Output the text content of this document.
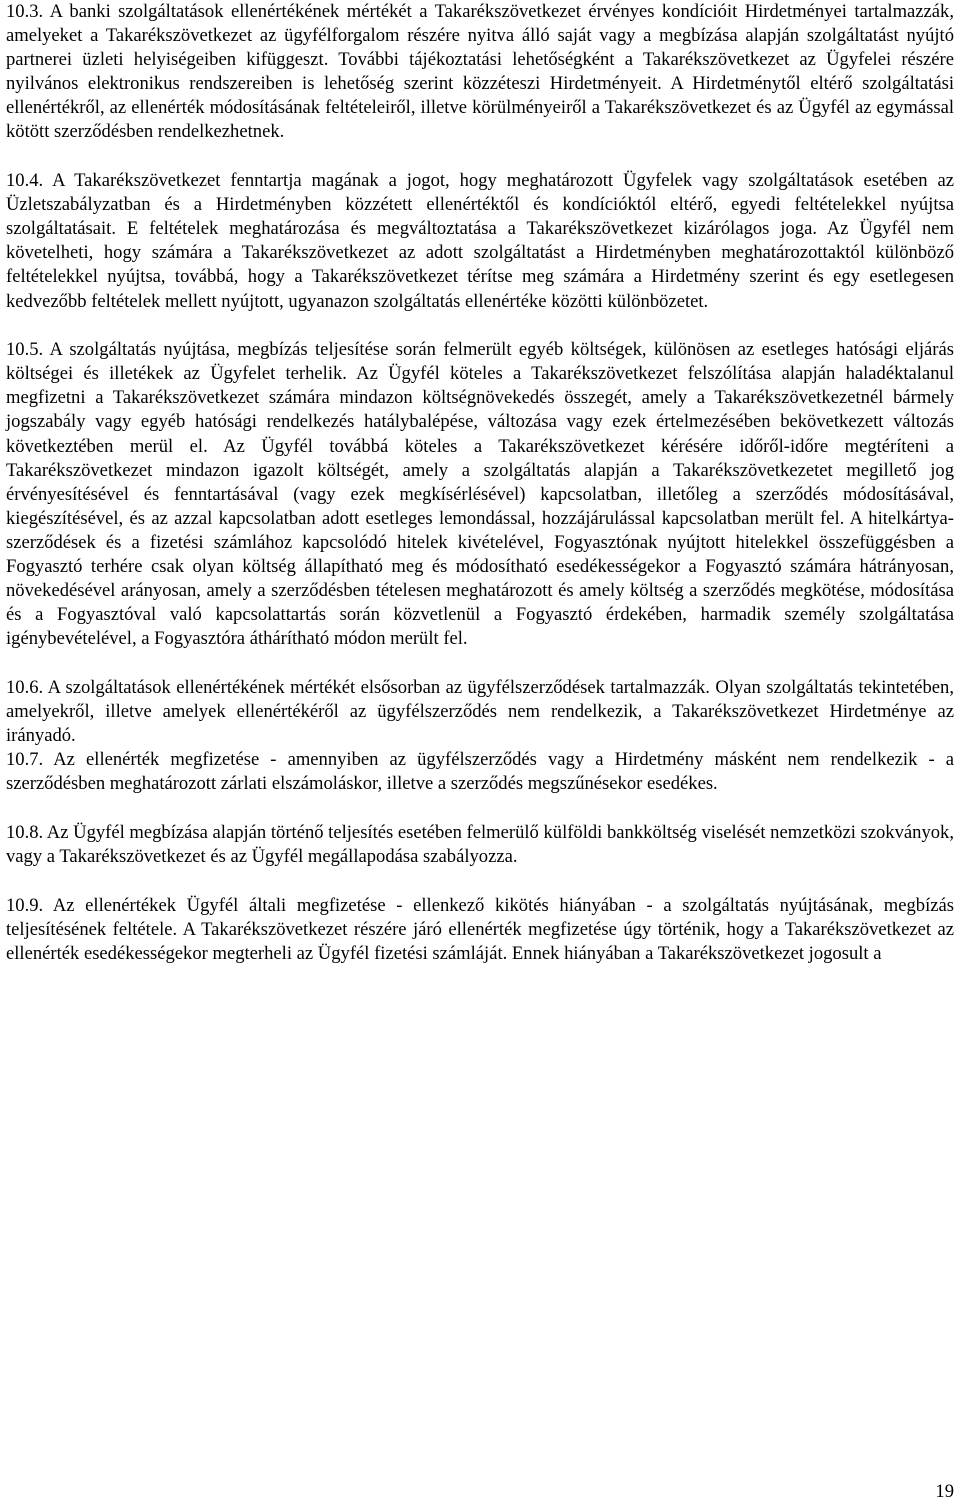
10.3. A banki szolgáltatások ellenértékének mértékét a Takarékszövetkezet érvényes kondícióit Hirdetményei tartalmazzák, amelyeket a Takarékszövetkezet az ügyfélforgalom részére nyitva álló saját vagy a megbízása alapján szolgáltatást nyújtó partnerei üzleti helyiségeiben kifüggeszt. További tájékoztatási lehetőségként a Takarékszövetkezet az Ügyfelei részére nyilvános elektronikus rendszereiben is lehetőség szerint közzéteszi Hirdetményeit. A Hirdetménytől eltérő szolgáltatási ellenértékről, az ellenérték módosításának feltételeiről, illetve körülményeiről a Takarékszövetkezet és az Ügyfél az egymással kötött szerződésben rendelkezhetnek.

10.4. A Takarékszövetkezet fenntartja magának a jogot, hogy meghatározott Ügyfelek vagy szolgáltatások esetében az Üzletszabályzatban és a Hirdetményben közzétett ellenértéktől és kondícióktól eltérő, egyedi feltételekkel nyújtsa szolgáltatásait. E feltételek meghatározása és megváltoztatása a Takarékszövetkezet kizárólagos joga. Az Ügyfél nem követelheti, hogy számára a Takarékszövetkezet az adott szolgáltatást a Hirdetményben meghatározottaktól különböző feltételekkel nyújtsa, továbbá, hogy a Takarékszövetkezet térítse meg számára a Hirdetmény szerint és egy esetlegesen kedvezőbb feltételek mellett nyújtott, ugyanazon szolgáltatás ellenértéke közötti különbözetet.

10.5. A szolgáltatás nyújtása, megbízás teljesítése során felmerült egyéb költségek, különösen az esetleges hatósági eljárás költségei és illetékek az Ügyfelet terhelik. Az Ügyfél köteles a Takarékszövetkezet felszólítása alapján haladéktalanul megfizetni a Takarékszövetkezet számára mindazon költségnövekedés összegét, amely a Takarékszövetkezetnél bármely jogszabály vagy egyéb hatósági rendelkezés hatálybalépése, változása vagy ezek értelmezésében bekövetkezett változás következtében merül el. Az Ügyfél továbbá köteles a Takarékszövetkezet kérésére időről-időre megtéríteni a Takarékszövetkezet mindazon igazolt költségét, amely a szolgáltatás alapján a Takarékszövetkezetet megillető jog érvényesítésével és fenntartásával (vagy ezek megkísérlésével) kapcsolatban, illetőleg a szerződés módosításával, kiegészítésével, és az azzal kapcsolatban adott esetleges lemondással, hozzájárulással kapcsolatban merült fel. A hitelkártya-szerződések és a fizetési számlához kapcsolódó hitelek kivételével, Fogyasztónak nyújtott hitelekkel összefüggésben a Fogyasztó terhére csak olyan költség állapítható meg és módosítható esedékességekor a Fogyasztó számára hátrányosan, növekedésével arányosan, amely a szerződésben tételesen meghatározott és amely költség a szerződés megkötése, módosítása és a Fogyasztóval való kapcsolattartás során közvetlenül a Fogyasztó érdekében, harmadik személy szolgáltatása igénybevételével, a Fogyasztóra áthárítható módon merült fel.

10.6. A szolgáltatások ellenértékének mértékét elsősorban az ügyfélszerződések tartalmazzák. Olyan szolgáltatás tekintetében, amelyekről, illetve amelyek ellenértékéről az ügyfélszerződés nem rendelkezik, a Takarékszövetkezet Hirdetménye az irányadó.

10.7. Az ellenérték megfizetése - amennyiben az ügyfélszerződés vagy a Hirdetmény másként nem rendelkezik - a szerződésben meghatározott zárlati elszámoláskor, illetve a szerződés megszűnésekor esedékes.

10.8. Az Ügyfél megbízása alapján történő teljesítés esetében felmerülő külföldi bankköltség viselését nemzetközi szokványok, vagy a Takarékszövetkezet és az Ügyfél megállapodása szabályozza.

10.9. Az ellenértékek Ügyfél általi megfizetése - ellenkező kikötés hiányában - a szolgáltatás nyújtásának, megbízás teljesítésének feltétele. A Takarékszövetkezet részére járó ellenérték megfizetése úgy történik, hogy a Takarékszövetkezet az ellenérték esedékességekor megterheli az Ügyfél fizetési számláját. Ennek hiányában a Takarékszövetkezet jogosult a

19
